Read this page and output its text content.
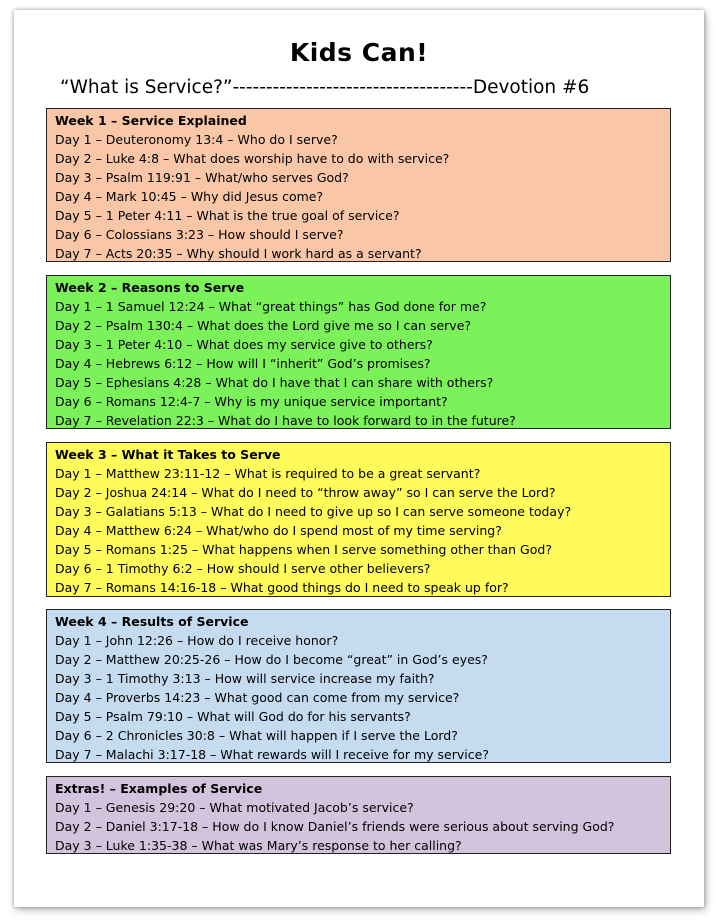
Kids Can!
“What is Service?”------------------------------------Devotion #6
Week 1 – Service Explained
Day 1 – Deuteronomy 13:4 – Who do I serve?
Day 2 – Luke 4:8 – What does worship have to do with service?
Day 3 – Psalm 119:91 – What/who serves God?
Day 4 – Mark 10:45 – Why did Jesus come?
Day 5 – 1 Peter 4:11 – What is the true goal of service?
Day 6 – Colossians 3:23 – How should I serve?
Day 7 – Acts 20:35 – Why should I work hard as a servant?
Week 2 – Reasons to Serve
Day 1 – 1 Samuel 12:24 – What “great things” has God done for me?
Day 2 – Psalm 130:4 – What does the Lord give me so I can serve?
Day 3 – 1 Peter 4:10 – What does my service give to others?
Day 4 – Hebrews 6:12 – How will I “inherit” God’s promises?
Day 5 – Ephesians 4:28 – What do I have that I can share with others?
Day 6 – Romans 12:4-7 – Why is my unique service important?
Day 7 – Revelation 22:3 – What do I have to look forward to in the future?
Week 3 – What it Takes to Serve
Day 1 – Matthew 23:11-12 – What is required to be a great servant?
Day 2 – Joshua 24:14 – What do I need to “throw away” so I can serve the Lord?
Day 3 – Galatians 5:13 – What do I need to give up so I can serve someone today?
Day 4 – Matthew 6:24 – What/who do I spend most of my time serving?
Day 5 – Romans 1:25 – What happens when I serve something other than God?
Day 6 – 1 Timothy 6:2 – How should I serve other believers?
Day 7 – Romans 14:16-18 – What good things do I need to speak up for?
Week 4 – Results of Service
Day 1 – John 12:26 – How do I receive honor?
Day 2 – Matthew 20:25-26 – How do I become “great” in God’s eyes?
Day 3 – 1 Timothy 3:13 – How will service increase my faith?
Day 4 – Proverbs 14:23 – What good can come from my service?
Day 5 – Psalm 79:10 – What will God do for his servants?
Day 6 – 2 Chronicles 30:8 – What will happen if I serve the Lord?
Day 7 – Malachi 3:17-18 – What rewards will I receive for my service?
Extras! – Examples of Service
Day 1 – Genesis 29:20 – What motivated Jacob’s service?
Day 2 – Daniel 3:17-18 – How do I know Daniel’s friends were serious about serving God?
Day 3 – Luke 1:35-38 – What was Mary’s response to her calling?
